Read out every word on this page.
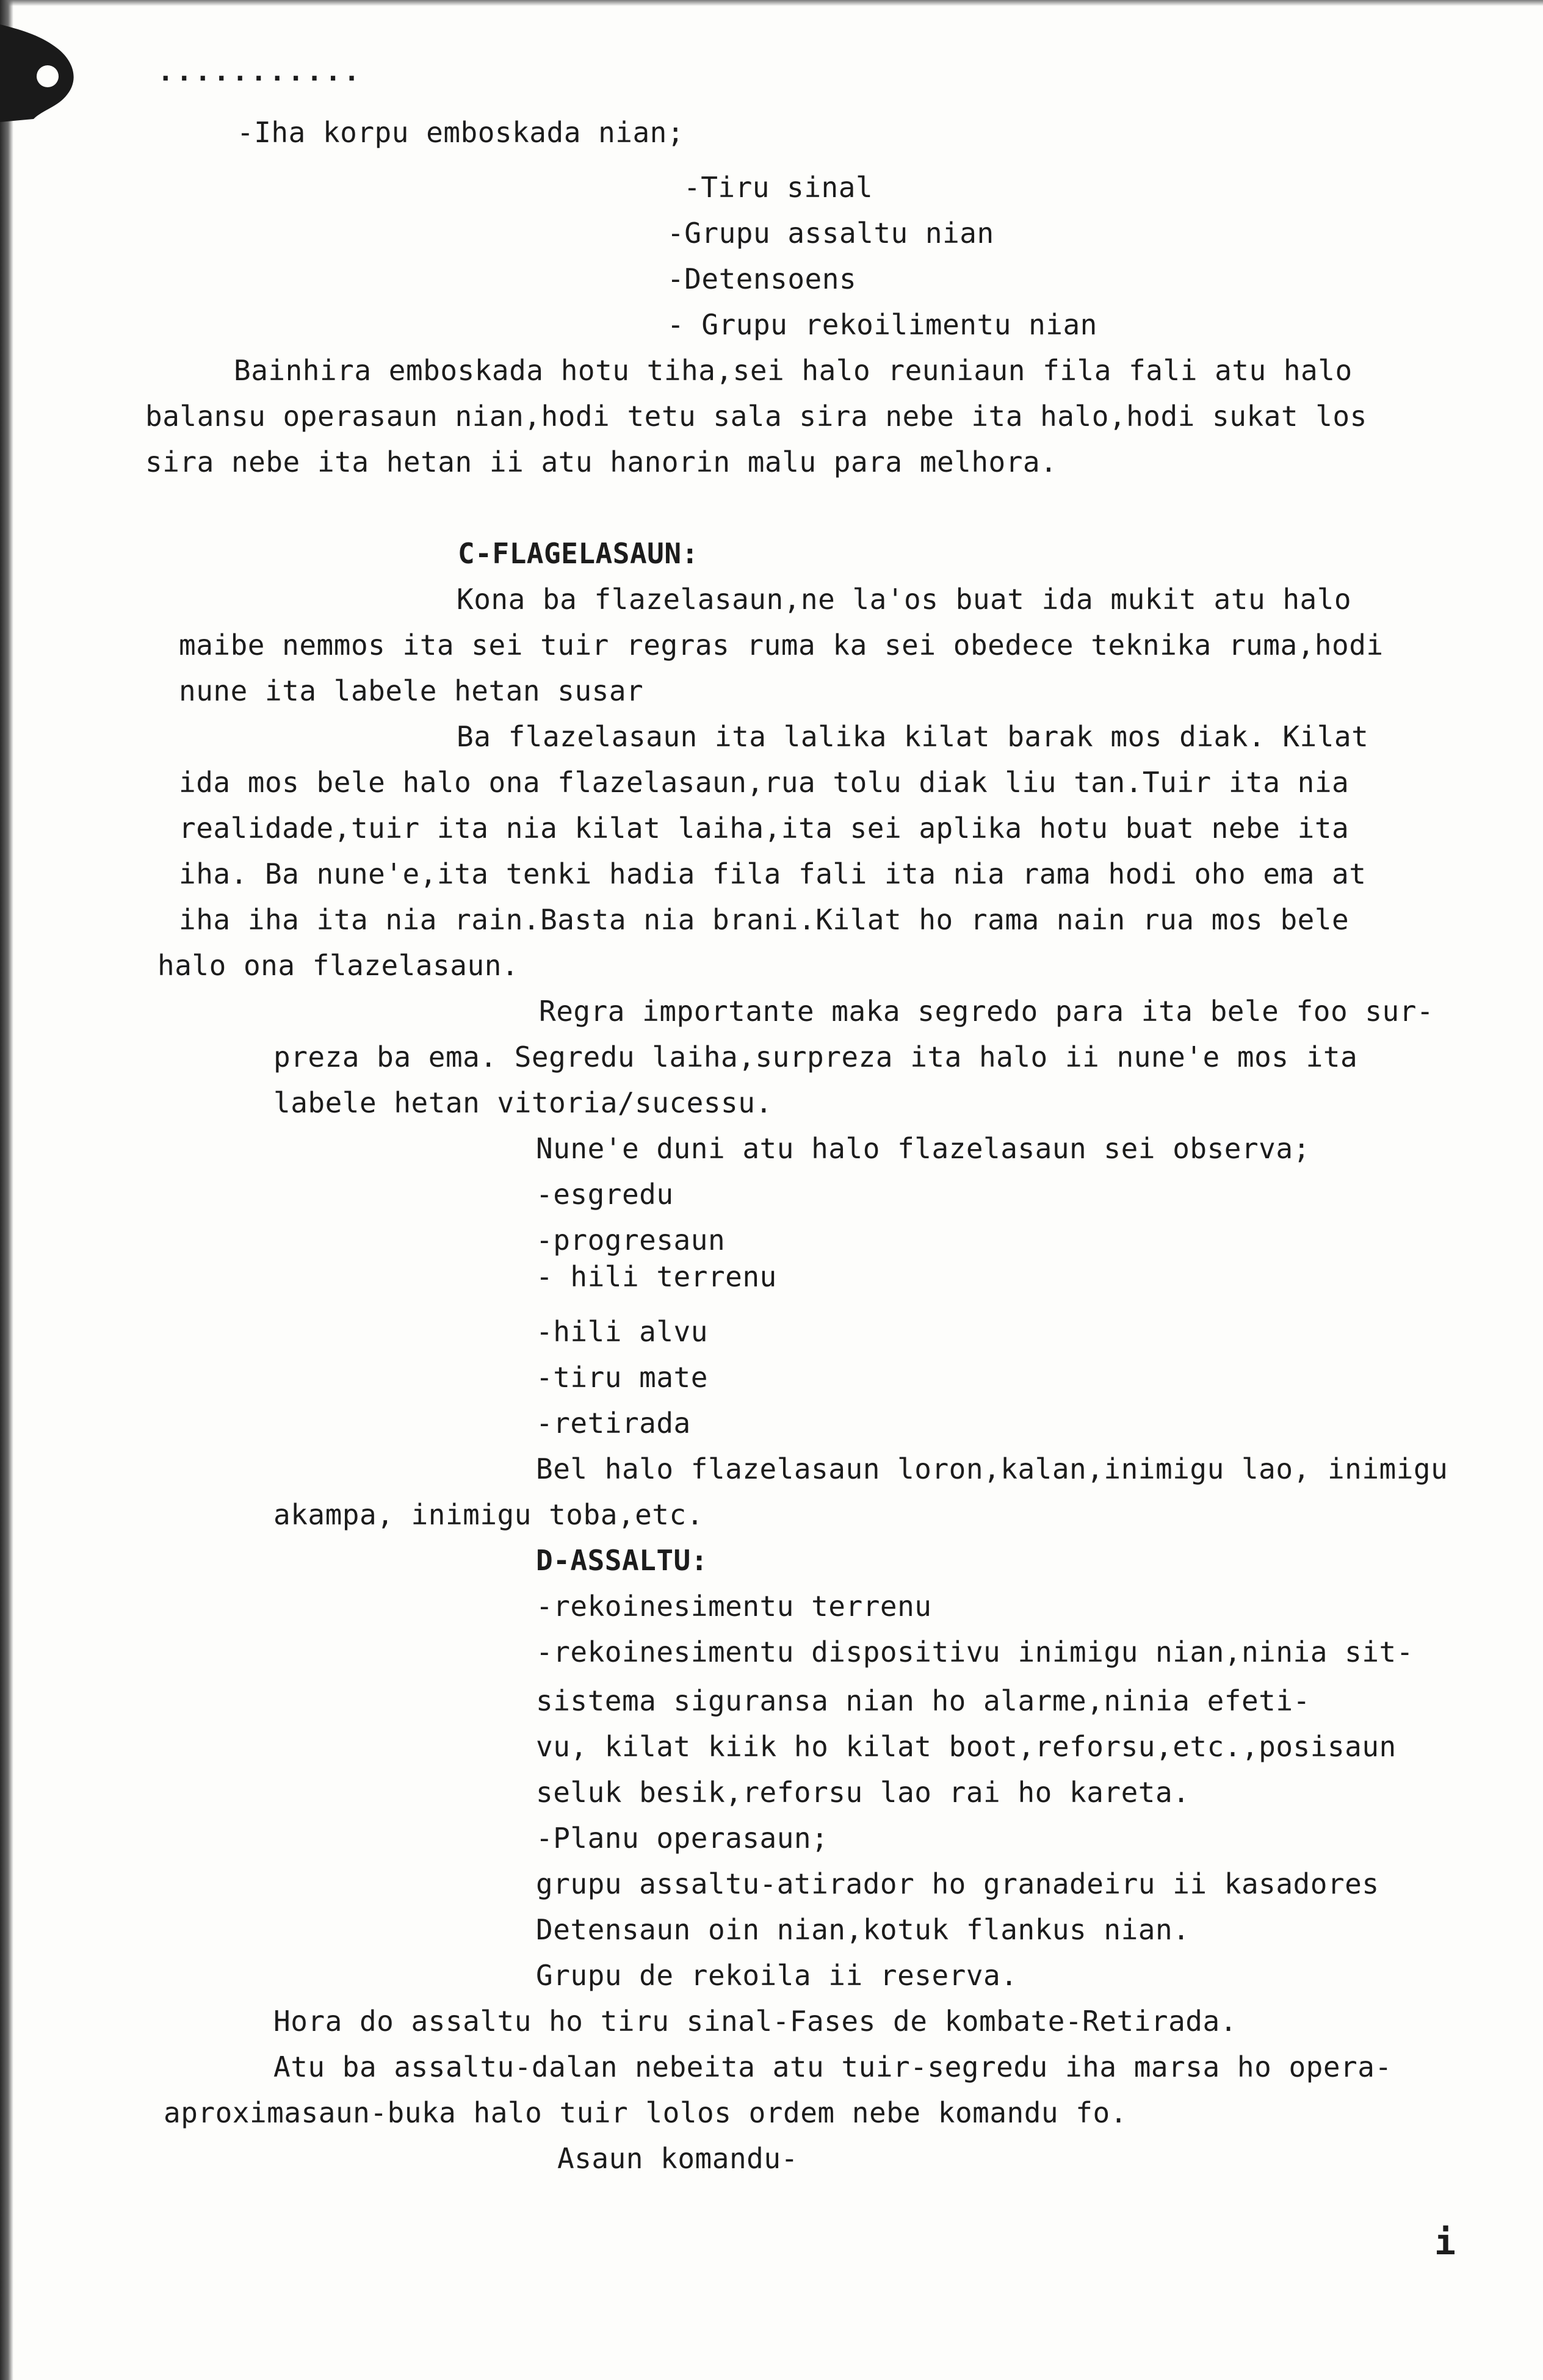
...........
-Iha korpu emboskada nian;
-Tiru sinal
-Grupu assaltu nian
-Detensoens
- Grupu rekoilimentu nian
Bainhira emboskada hotu tiha,sei halo reuniaun fila fali atu halo
balansu operasaun nian,hodi tetu sala sira nebe ita halo,hodi sukat los
sira nebe ita hetan ii atu hanorin malu para melhora.
C-FLAGELASAUN:
Kona ba flazelasaun,ne la'os buat ida mukit atu halo
maibe nemmos ita sei tuir regras ruma ka sei obedece teknika ruma,hodi
nune ita labele hetan susar
Ba flazelasaun ita lalika kilat barak mos diak. Kilat
ida mos bele halo ona flazelasaun,rua tolu diak liu tan.Tuir ita nia
realidade,tuir ita nia kilat laiha,ita sei aplika hotu buat nebe ita
iha. Ba nune'e,ita tenki hadia fila fali ita nia rama hodi oho ema at
iha iha ita nia rain.Basta nia brani.Kilat ho rama nain rua mos bele
halo ona flazelasaun.
Regra importante maka segredo para ita bele foo sur-
preza ba ema. Segredu laiha,surpreza ita halo ii nune'e mos ita
labele hetan vitoria/sucessu.
Nune'e duni atu halo flazelasaun sei observa;
-esgredu
-progresaun
- hili terrenu
-hili alvu
-tiru mate
-retirada
Bel halo flazelasaun loron,kalan,inimigu lao, inimigu
akampa, inimigu toba,etc.
D-ASSALTU:
-rekoinesimentu terrenu
-rekoinesimentu dispositivu inimigu nian,ninia sit-
sistema siguransa nian ho alarme,ninia efeti-
vu, kilat kiik ho kilat boot,reforsu,etc.,posisaun
seluk besik,reforsu lao rai ho kareta.
-Planu operasaun;
grupu assaltu-atirador ho granadeiru ii kasadores
Detensaun oin nian,kotuk flankus nian.
Grupu de rekoila ii reserva.
Hora do assaltu ho tiru sinal-Fases de kombate-Retirada.
Atu ba assaltu-dalan nebeita atu tuir-segredu iha marsa ho opera-
aproximasaun-buka halo tuir lolos ordem nebe komandu fo.
Asaun komandu-
i
